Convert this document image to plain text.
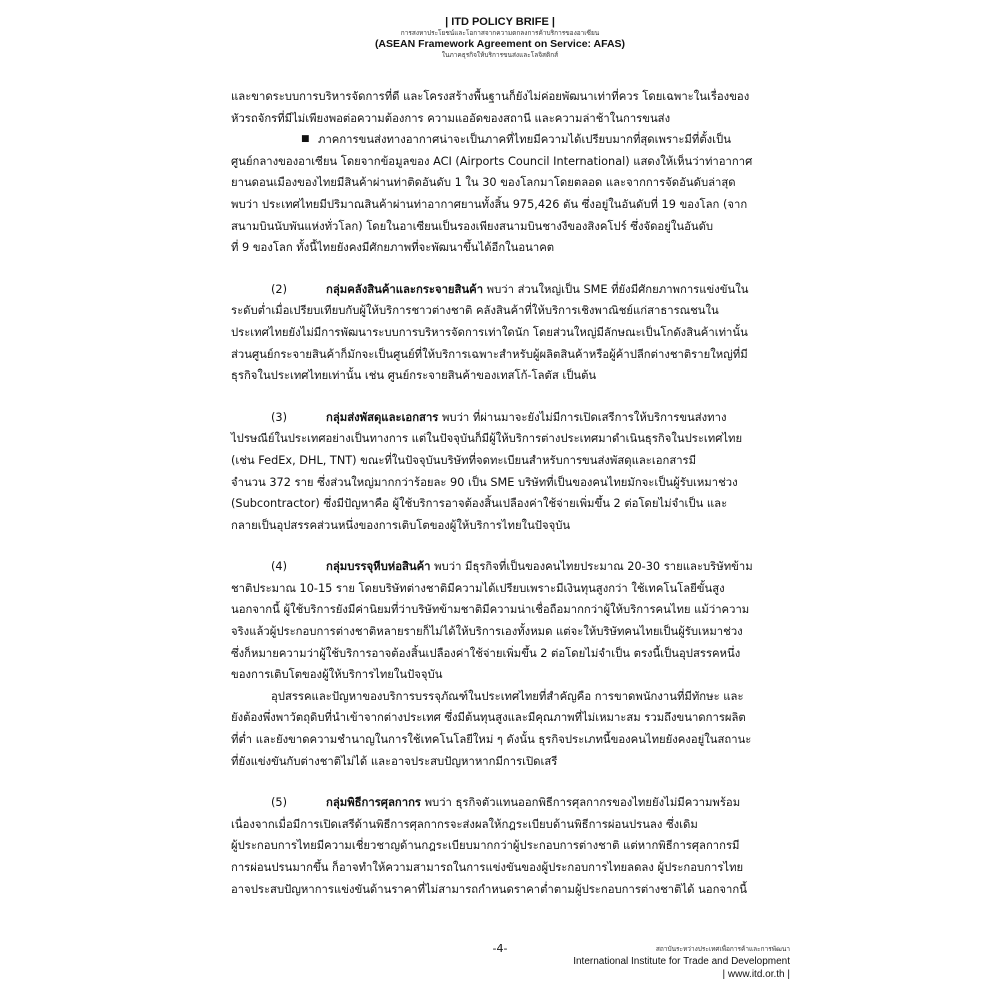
| ITD POLICY BRIFE |
การสงหาประโยชน์และโอกาสจากความตกลงการค้าบริการของอาเซียน
(ASEAN Framework Agreement on Service: AFAS)
ในภาคธุรกิจให้บริการขนส่งและโลจิสติกส์
และขาดระบบการบริหารจัดการที่ดี และโครงสร้างพื้นฐานก็ยังไม่ค่อยพัฒนาเท่าที่ควร โดยเฉพาะในเรื่องของ
หัวรถจักรที่มีไม่เพียงพอต่อความต้องการ ความแออัดของสถานี และความล่าช้าในการขนส่ง
■ ภาคการขนส่งทางอากาศน่าจะเป็นภาคที่ไทยมีความได้เปรียบมากที่สุดเพราะมีที่ตั้งเป็น
ศูนย์กลางของอาเซียน โดยจากข้อมูลของ ACI (Airports Council International) แสดงให้เห็นว่าท่าอากาศ
ยานดอนเมืองของไทยมีสินค้าผ่านท่าติดอันดับ 1 ใน 30 ของโลกมาโดยตลอด และจากการจัดอันดับล่าสุด
พบว่า ประเทศไทยมีปริมาณสินค้าผ่านท่าอากาศยานทั้งสิ้น 975,426 ตัน ซึ่งอยู่ในอันดับที่ 19 ของโลก (จาก
สนามบินนับพันแห่งทั่วโลก) โดยในอาเซียนเป็นรองเพียงสนามบินชางงีของสิงคโปร์ ซึ่งจัดอยู่ในอันดับ
ที่ 9 ของโลก ทั้งนี้ไทยยังคงมีศักยภาพที่จะพัฒนาขึ้นได้อีกในอนาคต
(2)	กลุ่มคลังสินค้าและกระจายสินค้า พบว่า ส่วนใหญ่เป็น SME ที่ยังมีศักยภาพการแข่งขันใน
ระดับต่ำเมื่อเปรียบเทียบกับผู้ให้บริการชาวต่างชาติ คลังสินค้าที่ให้บริการเชิงพาณิชย์แก่สาธารณชนใน
ประเทศไทยยังไม่มีการพัฒนาระบบการบริหารจัดการเท่าใดนัก โดยส่วนใหญ่มีลักษณะเป็นโกดังสินค้าเท่านั้น
ส่วนศูนย์กระจายสินค้าก็มักจะเป็นศูนย์ที่ให้บริการเฉพาะสำหรับผู้ผลิตสินค้าหรือผู้ค้าปลีกต่างชาติรายใหญ่ที่มี
ธุรกิจในประเทศไทยเท่านั้น เช่น ศูนย์กระจายสินค้าของเทสโก้-โลตัส เป็นต้น
(3)	กลุ่มส่งพัสดุและเอกสาร พบว่า ที่ผ่านมาจะยังไม่มีการเปิดเสรีการให้บริการขนส่งทาง
ไปรษณีย์ในประเทศอย่างเป็นทางการ แต่ในปัจจุบันก็มีผู้ให้บริการต่างประเทศมาดำเนินธุรกิจในประเทศไทย
(เช่น FedEx, DHL, TNT) ขณะที่ในปัจจุบันบริษัทที่จดทะเบียนสำหรับการขนส่งพัสดุและเอกสารมี
จำนวน 372 ราย ซึ่งส่วนใหญ่มากกว่าร้อยละ 90 เป็น SME บริษัทที่เป็นของคนไทยมักจะเป็นผู้รับเหมาช่วง
(Subcontractor) ซึ่งมีปัญหาคือ ผู้ใช้บริการอาจต้องสิ้นเปลืองค่าใช้จ่ายเพิ่มขึ้น 2 ต่อโดยไม่จำเป็น และ
กลายเป็นอุปสรรคส่วนหนึ่งของการเติบโตของผู้ให้บริการไทยในปัจจุบัน
(4)	กลุ่มบรรจุหีบห่อสินค้า พบว่า มีธุรกิจที่เป็นของคนไทยประมาณ 20-30 รายและบริษัทข้าม
ชาติประมาณ 10-15 ราย โดยบริษัทต่างชาติมีความได้เปรียบเพราะมีเงินทุนสูงกว่า ใช้เทคโนโลยีขั้นสูง
นอกจากนี้ ผู้ใช้บริการยังมีค่านิยมที่ว่าบริษัทข้ามชาติมีความน่าเชื่อถือมากกว่าผู้ให้บริการคนไทย แม้ว่าความ
จริงแล้วผู้ประกอบการต่างชาติหลายรายก็ไม่ได้ให้บริการเองทั้งหมด แต่จะให้บริษัทคนไทยเป็นผู้รับเหมาช่วง
ซึ่งก็หมายความว่าผู้ใช้บริการอาจต้องสิ้นเปลืองค่าใช้จ่ายเพิ่มขึ้น 2 ต่อโดยไม่จำเป็น ตรงนี้เป็นอุปสรรคหนึ่ง
ของการเติบโตของผู้ให้บริการไทยในปัจจุบัน
อุปสรรคและปัญหาของบริการบรรจุภัณฑ์ในประเทศไทยที่สำคัญคือ การขาดพนักงานที่มีทักษะ และ
ยังต้องพึ่งพาวัตถุดิบที่นำเข้าจากต่างประเทศ ซึ่งมีต้นทุนสูงและมีคุณภาพที่ไม่เหมาะสม รวมถึงขนาดการผลิต
ที่ต่ำ และยังขาดความชำนาญในการใช้เทคโนโลยีใหม่ ๆ ดังนั้น ธุรกิจประเภทนี้ของคนไทยยังคงอยู่ในสถานะ
ที่ยังแข่งขันกับต่างชาติไม่ได้ และอาจประสบปัญหาหากมีการเปิดเสรี
(5)	กลุ่มพิธีการศุลกากร พบว่า ธุรกิจตัวแทนออกพิธีการศุลกากรของไทยยังไม่มีความพร้อม
เนื่องจากเมื่อมีการเปิดเสรีด้านพิธีการศุลกากรจะส่งผลให้กฎระเบียบด้านพิธีการผ่อนปรนลง ซึ่งเดิม
ผู้ประกอบการไทยมีความเชี่ยวชาญด้านกฎระเบียบมากกว่าผู้ประกอบการต่างชาติ แต่หากพิธีการศุลกากรมี
การผ่อนปรนมากขึ้น ก็อาจทำให้ความสามารถในการแข่งขันของผู้ประกอบการไทยลดลง ผู้ประกอบการไทย
อาจประสบปัญหาการแข่งขันด้านราคาที่ไม่สามารถกำหนดราคาต่ำตามผู้ประกอบการต่างชาติได้ นอกจากนี้
-4-	สถาบันระหว่างประเทศเพื่อการค้าและการพัฒนา
International Institute for Trade and Development
| www.itd.or.th |
